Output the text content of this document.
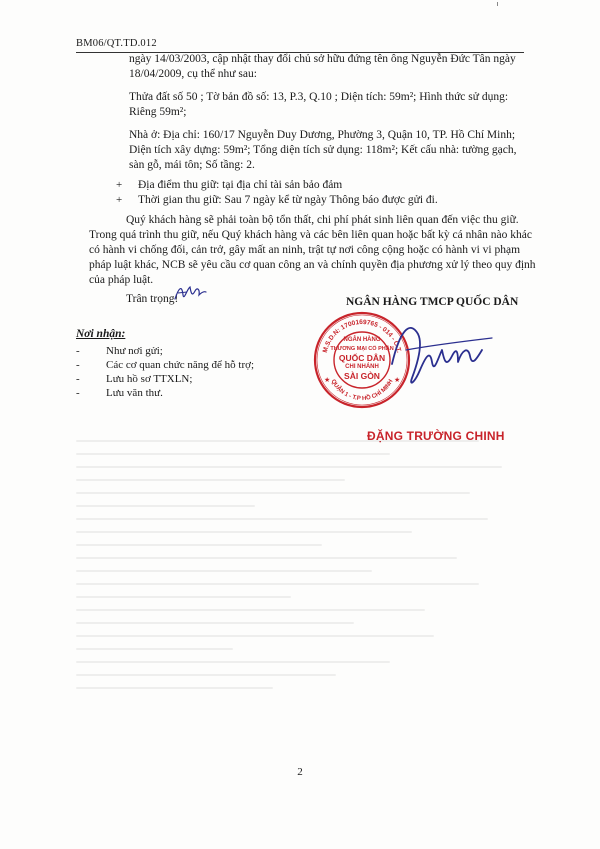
BM06/QT.TD.012
ngày 14/03/2003, cập nhật thay đổi chủ sở hữu đứng tên ông Nguyễn Đức Tân ngày
18/04/2009, cụ thể như sau:
Thửa đất số 50 ; Tờ bản đồ số: 13, P.3, Q.10 ; Diện tích: 59m²; Hình thức sử dụng:
Riêng 59m²;
Nhà ở: Địa chỉ: 160/17 Nguyễn Duy Dương, Phường 3, Quận 10, TP. Hồ Chí Minh;
Diện tích xây dựng: 59m²; Tổng diện tích sử dụng: 118m²; Kết cấu nhà: tường gạch,
sàn gỗ, mái tôn; Số tầng: 2.
+ Địa điểm thu giữ: tại địa chỉ tài sản bảo đảm
+ Thời gian thu giữ: Sau 7 ngày kể từ ngày Thông báo được gửi đi.
Quý khách hàng sẽ phải toàn bộ tổn thất, chi phí phát sinh liên quan đến việc thu giữ.
Trong quá trình thu giữ, nếu Quý khách hàng và các bên liên quan hoặc bất kỳ cá nhân nào khác
có hành vi chống đối, cản trở, gây mất an ninh, trật tự nơi công cộng hoặc có hành vi vi phạm
pháp luật khác, NCB sẽ yêu cầu cơ quan công an và chính quyền địa phương xử lý theo quy định
của pháp luật.
Trân trọng!	NGÂN HÀNG TMCP QUỐC DÂN
Nơi nhận:
- Như nơi gửi;
- Các cơ quan chức năng để hỗ trợ;
- Lưu hồ sơ TTXLN;
- Lưu văn thư.
M.S.D.N: 1700169765 - 014 - C.T.
QUẬN 1 - T.P HỒ CHÍ MINH
★	★
NGÂN HÀNG
THƯƠNG MẠI CỔ PHẦN
QUỐC DÂN
CHI NHÁNH
SÀI GÒN
ĐẶNG TRƯỜNG CHINH
2
